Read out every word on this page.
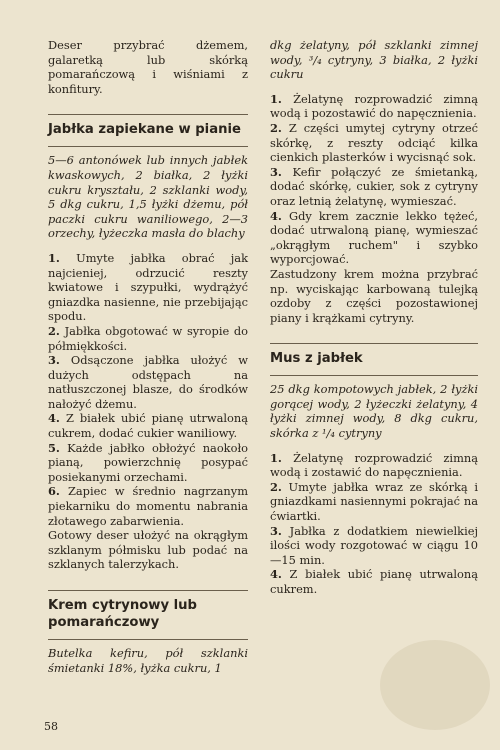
Deser przybrać dżemem, galaretką lub skórką pomarańczową i wiśniami z konfitury.

Jabłka zapiekane w pianie

5—6 antonówek lub innych jabłek kwaskowych, 2 białka, 2 łyżki cukru kryształu, 2 szklanki wody, 5 dkg cukru, 1,5 łyżki dżemu, pół paczki cukru waniliowego, 2—3 orzechy, łyżeczka masła do blachy

1. Umyte jabłka obrać jak najcieniej, odrzucić reszty kwiatowe i szypułki, wydrążyć gniazdka nasienne, nie przebijając spodu.

2. Jabłka obgotować w syropie do półmiękkości.

3. Odsączone jabłka ułożyć w dużych odstępach na natłuszczonej blasze, do środków nałożyć dżemu.

4. Z białek ubić pianę utrwaloną cukrem, dodać cukier waniliowy.

5. Każde jabłko obłożyć naokoło pianą, powierzchnię posypać posiekanymi orzechami.

6. Zapiec w średnio nagrzanym piekarniku do momentu nabrania złotawego zabarwienia.

Gotowy deser ułożyć na okrągłym szklanym półmisku lub podać na szklanych talerzykach.

Krem cytrynowy lub pomarańczowy

Butelka kefiru, pół szklanki śmietanki 18%, łyżka cukru, 1

dkg żelatyny, pół szklanki zimnej wody, ³/₄ cytryny, 3 białka, 2 łyżki cukru

1. Żelatynę rozprowadzić zimną wodą i pozostawić do napęcznienia.

2. Z części umytej cytryny otrzeć skórkę, z reszty odciąć kilka cienkich plasterków i wycisnąć sok.

3. Kefir połączyć ze śmietanką, dodać skórkę, cukier, sok z cytryny oraz letnią żelatynę, wymieszać.

4. Gdy krem zacznie lekko tężeć, dodać utrwaloną pianę, wymieszać „okrągłym ruchem" i szybko wyporcjować.

Zastudzony krem można przybrać np. wyciskając karbowaną tulejką ozdoby z części pozostawionej piany i krążkami cytryny.

Mus z jabłek

25 dkg kompotowych jabłek, 2 łyżki gorącej wody, 2 łyżeczki żelatyny, 4 łyżki zimnej wody, 8 dkg cukru, skórka z ¹/₄ cytryny

1. Żelatynę rozprowadzić zimną wodą i zostawić do napęcznienia.

2. Umyte jabłka wraz ze skórką i gniazdkami nasiennymi pokrajać na ćwiartki.

3. Jabłka z dodatkiem niewielkiej ilości wody rozgotować w ciągu 10—15 min.

4. Z białek ubić pianę utrwaloną cukrem.

58
